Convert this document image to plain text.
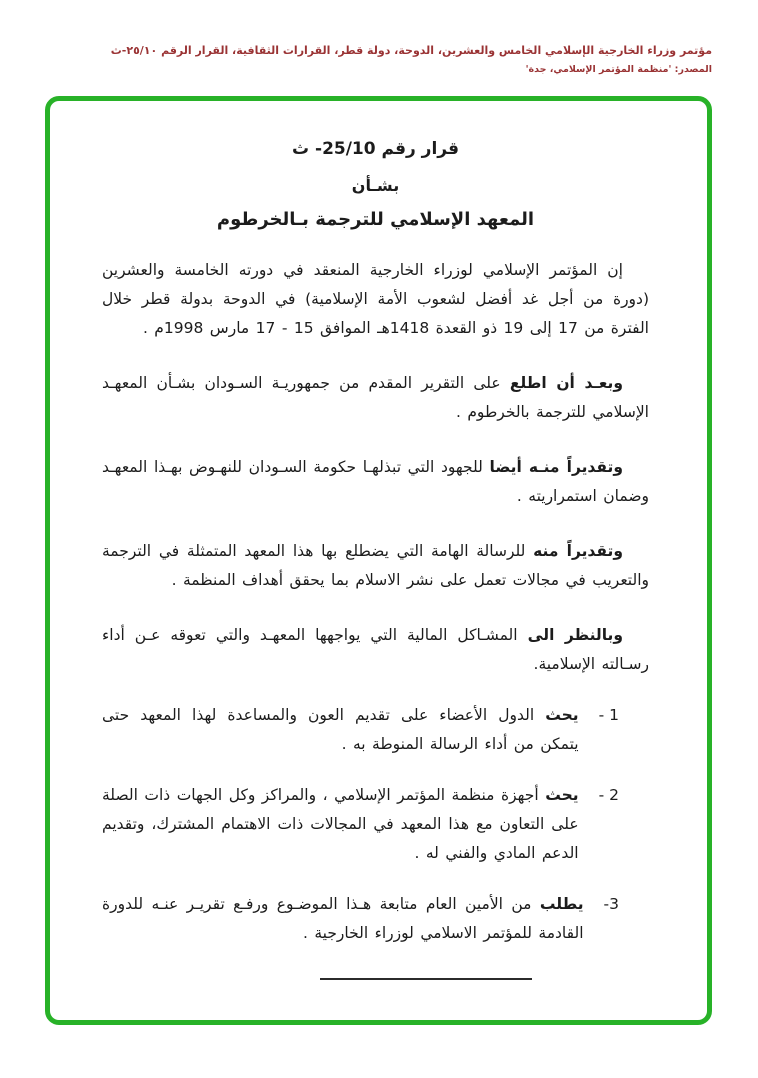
مؤتمر وزراء الخارجية الإسلامي الخامس والعشرين، الدوحة، دولة قطر، القرارات الثقافية، القرار الرقم ٢٥/١٠-ث
المصدر: 'منظمة المؤتمر الإسلامي، جدة'
قرار رقم 25/10- ث
بشـأن
المعهد الإسلامي للترجمة بـالخرطوم

إن المؤتمر الإسلامي لوزراء الخارجية المنعقد في دورته الخامسة والعشرين (دورة من أجل غد أفضل لشعوب الأمة الإسلامية) في الدوحة بدولة قطر خلال الفترة من 17 إلى 19 ذو القعدة 1418هـ الموافق 15 - 17 مارس 1998م .

وبعـد أن اطلع على التقرير المقدم من جمهوريـة السـودان بشـأن المعهـد الإسلامي للترجمة بالخرطوم .

وتقديراً منـه أيضا للجهود التي تبذلهـا حكومة السـودان للنهـوض بهـذا المعهـد وضمان استمراريته .

وتقديراً منه للرسالة الهامة التي يضطلع بها هذا المعهد المتمثلة في الترجمة والتعريب في مجالات تعمل على نشر الاسلام بما يحقق أهداف المنظمة .

وبالنظر الى المشـاكل المالية التي يواجهها المعهـد والتي تعوقه عـن أداء رسـالته الإسلامية.

- 1
يحث الدول الأعضاء على تقديم العون والمساعدة لهذا المعهد حتى يتمكن من أداء الرسالة المنوطة به .
- 2
يحث أجهزة منظمة المؤتمر الإسلامي ، والمراكز وكل الجهات ذات الصلة على التعاون مع هذا المعهد في المجالات ذات الاهتمام المشترك، وتقديم الدعم المادي والفني له .
-3
يطلب من الأمين العام متابعة هـذا الموضـوع ورفـع تقريـر عنـه للدورة القادمة للمؤتمر الاسلامي لوزراء الخارجية .
